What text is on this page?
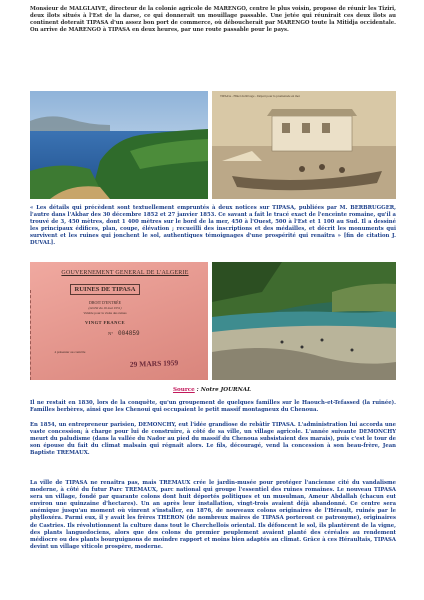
Monsieur de MALGLAIVE, directeur de la colonie agricole de MARENGO, centre le plus voisin, propose de réunir les Tiziri, deux îlots situés à l'Est de la darse, ce qui donnerait un mouillage passable. Une jetée qui réunirait ces deux îlots au continent doterait TIPASA d'un assez bon port de commerce, où déboucherait par MARENGO toute la Mitidja occidentale. On arrive de MARENGO à TIPASA en deux heures, par une route passable pour le pays.
TIPAZA - Hôtel du Rivage - Départ pour la promenade en mer
« Les détails qui précèdent sont textuellement empruntés à deux notices sur TIPASA, publiées par M. BERBRUGGER, l'autre dans l'Akbar des 30 décembre 1852 et 27 janvier 1853. Ce savant a fait le tracé exact de l'enceinte romaine, qu'il a trouvé de 3, 450 mètres, dont 1 400 mètres sur le bord de la mer, 450 à l'Ouest, 500 à l'Est et 1 100 au Sud. Il a dessiné les principaux édifices, plan, coupe, élévation ; recueilli des inscriptions et des médailles, et décrit les monuments qui survivent et les ruines qui jonchent le sol, authentiques témoignages d'une prospérité qui renaîtra » [fin de citation J. DUVAL].
GOUVERNEMENT GENERAL DE L'ALGERIE
RUINES DE TIPASA
DROIT D'ENTRÉE
(Arrêté du 16 mai 1951)
Valable pour la visite des ruines
VINGT FRANCE
N° 004859
à présenter au contrôle
29 MARS 1959
Source : Notre JOURNAL
Il ne restait en 1830, lors de la conquête, qu'un groupement de quelques familles sur le Haouch-et-Tefassed (la ruinée). Familles berbères, ainsi que les Chenoui qui occupaient le petit massif montagneux du Chenoua.
En 1854, un entrepreneur parisien, DEMONCHY, eut l'idée grandiose de rebâtir TIPASA. L'administration lui accorda une vaste concession; à charge pour lui de construire, à côté de sa ville, un village agricole. L'année suivante DEMONCHY meurt du paludisme (dans la vallée du Nador au pied du massif du Chenoua subsistaient des marais), puis c'est le tour de son épouse du fait du climat malsain qui régnait alors. Le fils, découragé, vend la concession à son beau-frère, Jean Baptiste TREMAUX.
La ville de TIPASA ne renaîtra pas, mais TREMAUX crée le jardin-musée pour protéger l'ancienne cité du vandalisme moderne, à côté du futur Parc TREMAUX, parc national qui groupe l'essentiel des ruines romaines. Le nouveau TIPASA sera un village, fondé par quarante colons dont huit déportés politiques et un musulman, Ameur Abdallah (chacun eut environ une quinzaine d'hectares). Un an après leur installation, vingt-trois avaient déjà abandonné. Ce centre sera anémique jusqu'au moment où vinrent s'installer, en 1876, de nouveaux colons originaires de l'Hérault, ruinés par le phylloxéra. Parmi eux, il y avait les frères THERON (de nombreux maires de TIPASA porteront ce patronyme), originaires de Castries. Ils révolutionnent la culture dans tout le Cherchellois oriental. Ils défoncent le sol, ils plantèrent de la vigne, des plants languedociens, alors que des colons du premier peuplement avaient planté des céréales au rendement médiocre ou des plants bourguignons de moindre rapport et moins bien adaptés au climat. Grâce à ces Héraultais, TIPASA devint un village viticole prospère, moderne.
